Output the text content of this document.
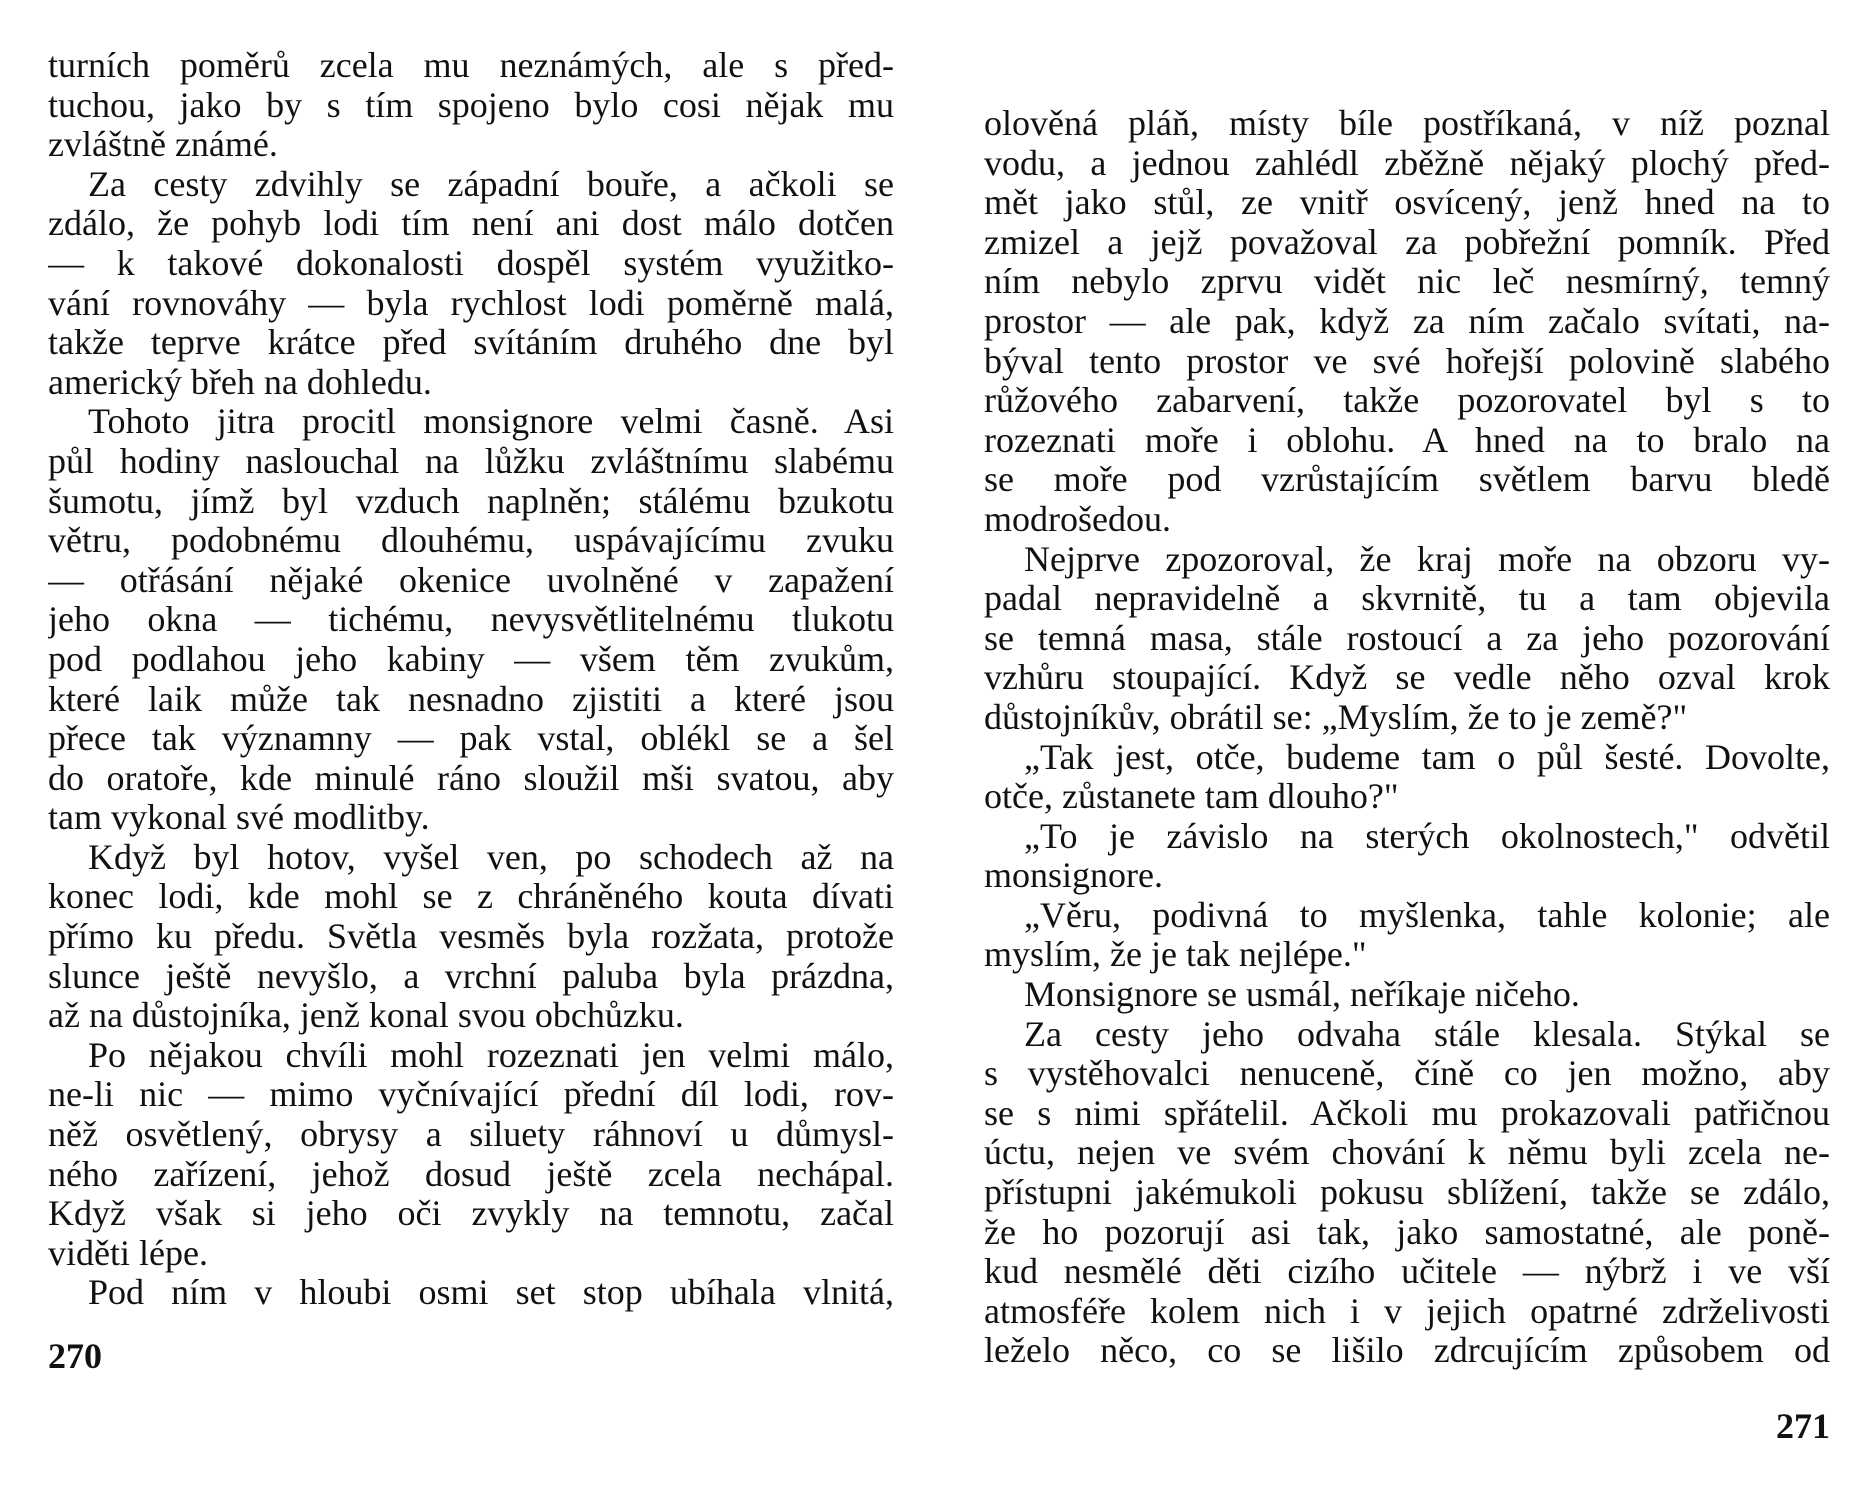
turních poměrů zcela mu neznámých, ale s před-
tuchou, jako by s tím spojeno bylo cosi nějak mu
zvláštně známé.
Za cesty zdvihly se západní bouře, a ačkoli se
zdálo, že pohyb lodi tím není ani dost málo dotčen
— k takové dokonalosti dospěl systém využitko-
vání rovnováhy — byla rychlost lodi poměrně malá,
takže teprve krátce před svítáním druhého dne byl
americký břeh na dohledu.
Tohoto jitra procitl monsignore velmi časně. Asi
půl hodiny naslouchal na lůžku zvláštnímu slabému
šumotu, jímž byl vzduch naplněn; stálému bzukotu
větru, podobnému dlouhému, uspávajícímu zvuku
— otřásání nějaké okenice uvolněné v zapažení
jeho okna — tichému, nevysvětlitelnému tlukotu
pod podlahou jeho kabiny — všem těm zvukům,
které laik může tak nesnadno zjistiti a které jsou
přece tak významny — pak vstal, oblékl se a šel
do oratoře, kde minulé ráno sloužil mši svatou, aby
tam vykonal své modlitby.
Když byl hotov, vyšel ven, po schodech až na
konec lodi, kde mohl se z chráněného kouta dívati
přímo ku předu. Světla vesměs byla rozžata, protože
slunce ještě nevyšlo, a vrchní paluba byla prázdna,
až na důstojníka, jenž konal svou obchůzku.
Po nějakou chvíli mohl rozeznati jen velmi málo,
ne-li nic — mimo vyčnívající přední díl lodi, rov-
něž osvětlený, obrysy a siluety ráhnoví u důmysl-
ného zařízení, jehož dosud ještě zcela nechápal.
Když však si jeho oči zvykly na temnotu, začal
viděti lépe.
Pod ním v hloubi osmi set stop ubíhala vlnitá,
270
olověná pláň, místy bíle postříkaná, v níž poznal
vodu, a jednou zahlédl zběžně nějaký plochý před-
mět jako stůl, ze vnitř osvícený, jenž hned na to
zmizel a jejž považoval za pobřežní pomník. Před
ním nebylo zprvu vidět nic leč nesmírný, temný
prostor — ale pak, když za ním začalo svítati, na-
býval tento prostor ve své hořejší polovině slabého
růžového zabarvení, takže pozorovatel byl s to
rozeznati moře i oblohu. A hned na to bralo na
se moře pod vzrůstajícím světlem barvu bledě
modrošedou.
Nejprve zpozoroval, že kraj moře na obzoru vy-
padal nepravidelně a skvrnitě, tu a tam objevila
se temná masa, stále rostoucí a za jeho pozorování
vzhůru stoupající. Když se vedle něho ozval krok
důstojníkův, obrátil se: „Myslím, že to je země?"
„Tak jest, otče, budeme tam o půl šesté. Dovolte,
otče, zůstanete tam dlouho?"
„To je závislo na sterých okolnostech," odvětil
monsignore.
„Věru, podivná to myšlenka, tahle kolonie; ale
myslím, že je tak nejlépe."
Monsignore se usmál, neříkaje ničeho.
Za cesty jeho odvaha stále klesala. Stýkal se
s vystěhovalci nenuceně, číně co jen možno, aby
se s nimi spřátelil. Ačkoli mu prokazovali patřičnou
úctu, nejen ve svém chování k němu byli zcela ne-
přístupni jakémukoli pokusu sblížení, takže se zdálo,
že ho pozorují asi tak, jako samostatné, ale poně-
kud nesmělé děti cizího učitele — nýbrž i ve vší
atmosféře kolem nich i v jejich opatrné zdrželivosti
leželo něco, co se lišilo zdrcujícím způsobem od
271
